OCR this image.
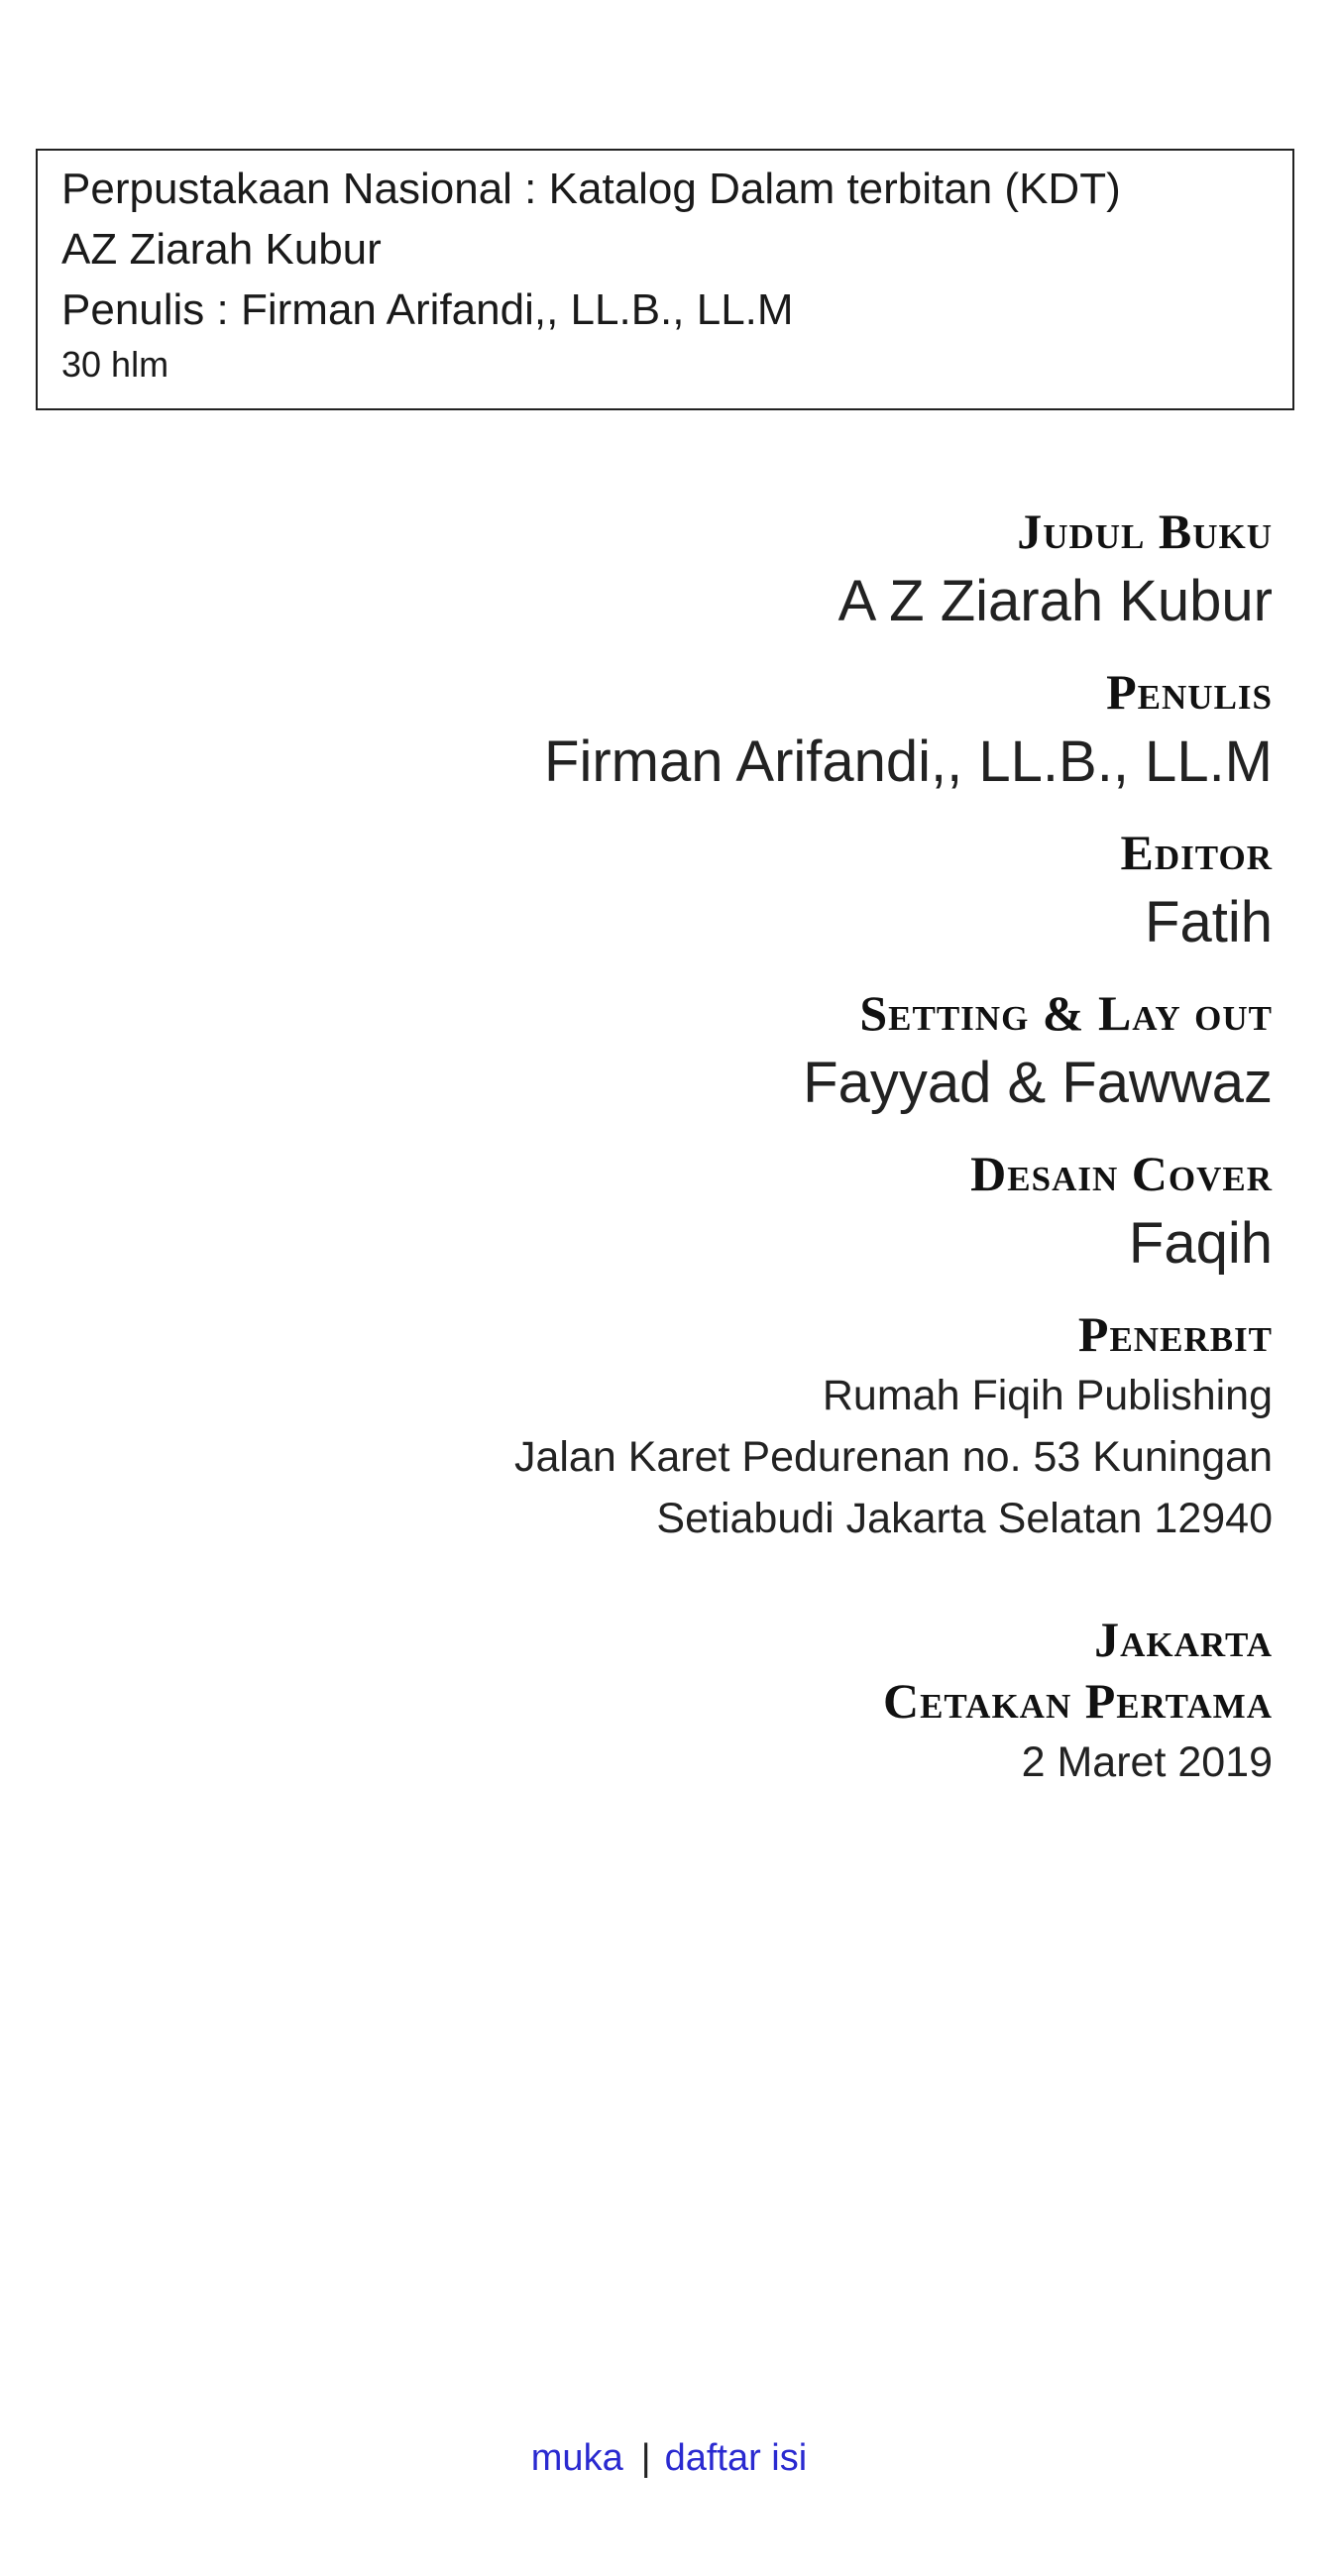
Perpustakaan Nasional : Katalog Dalam terbitan (KDT)
AZ Ziarah Kubur
Penulis : Firman Arifandi,, LL.B., LL.M
30 hlm
Judul Buku
A Z Ziarah Kubur
Penulis
Firman Arifandi,, LL.B., LL.M
Editor
Fatih
Setting & Lay out
Fayyad & Fawwaz
Desain Cover
Faqih
Penerbit
Rumah Fiqih Publishing
Jalan Karet Pedurenan no. 53 Kuningan
Setiabudi Jakarta Selatan 12940
Jakarta
Cetakan Pertama
2 Maret 2019
muka | daftar isi
